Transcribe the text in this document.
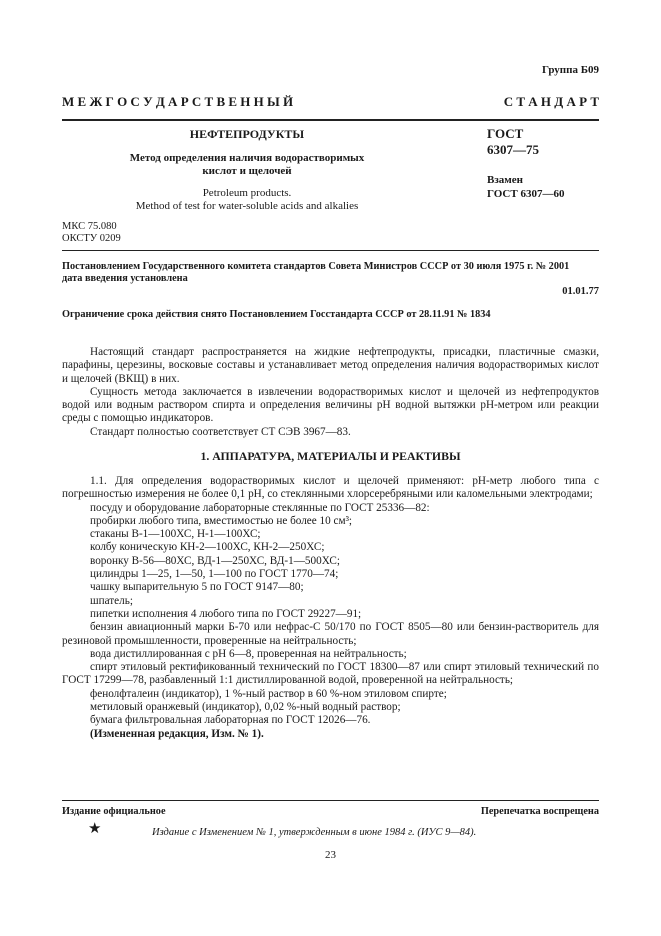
Группа Б09
М Е Ж Г О С У Д А Р С Т В Е Н Н Ы Й	С Т А Н Д А Р Т
НЕФТЕПРОДУКТЫ
Метод определения наличия водорастворимых
кислот и щелочей
Petroleum products.
Method of test for water-soluble acids and alkalies
ГОСТ
6307—75
Взамен
ГОСТ 6307—60
МКС 75.080
ОКСТУ 0209
Постановлением Государственного комитета стандартов Совета Министров СССР от 30 июля 1975 г. № 2001
дата введения установлена
01.01.77
Ограничение срока действия снято Постановлением Госстандарта СССР от 28.11.91 № 1834

Настоящий стандарт распространяется на жидкие нефтепродукты, присадки, пластичные смазки, парафины, церезины, восковые составы и устанавливает метод определения наличия водорастворимых кислот и щелочей (ВКЩ) в них.

Сущность метода заключается в извлечении водорастворимых кислот и щелочей из нефтепродуктов водой или водным раствором спирта и определения величины pH водной вытяжки pH-метром или реакции среды с помощью индикаторов.

Стандарт полностью соответствует СТ СЭВ 3967—83.

1. АППАРАТУРА, МАТЕРИАЛЫ И РЕАКТИВЫ

1.1. Для определения водорастворимых кислот и щелочей применяют: pH-метр любого типа с погрешностью измерения не более 0,1 pH, со стеклянными хлорсеребряными или каломельными электродами;

посуду и оборудование лабораторные стеклянные по ГОСТ 25336—82:

пробирки любого типа, вместимостью не более 10 см³;

стаканы В-1—100ХС, Н-1—100ХС;

колбу коническую КН-2—100ХС, КН-2—250ХС;

воронку В-56—80ХС, ВД-1—250ХС, ВД-1—500ХС;

цилиндры 1—25, 1—50, 1—100 по ГОСТ 1770—74;

чашку выпарительную 5 по ГОСТ 9147—80;

шпатель;

пипетки исполнения 4 любого типа по ГОСТ 29227—91;

бензин авиационный марки Б-70 или нефрас-С 50/170 по ГОСТ 8505—80 или бензин-растворитель для резиновой промышленности, проверенные на нейтральность;

вода дистиллированная с pH 6—8, проверенная на нейтральность;

спирт этиловый ректификованный технический по ГОСТ 18300—87 или спирт этиловый технический по ГОСТ 17299—78, разбавленный 1:1 дистиллированной водой, проверенной на нейтральность;

фенолфталеин (индикатор), 1 %-ный раствор в 60 %-ном этиловом спирте;

метиловый оранжевый (индикатор), 0,02 %-ный водный раствор;

бумага фильтровальная лабораторная по ГОСТ 12026—76.

(Измененная редакция, Изм. № 1).

Издание официальное	Перепечатка воспрещена
★	Издание с Изменением № 1, утвержденным в июне 1984 г. (ИУС 9—84).
23
